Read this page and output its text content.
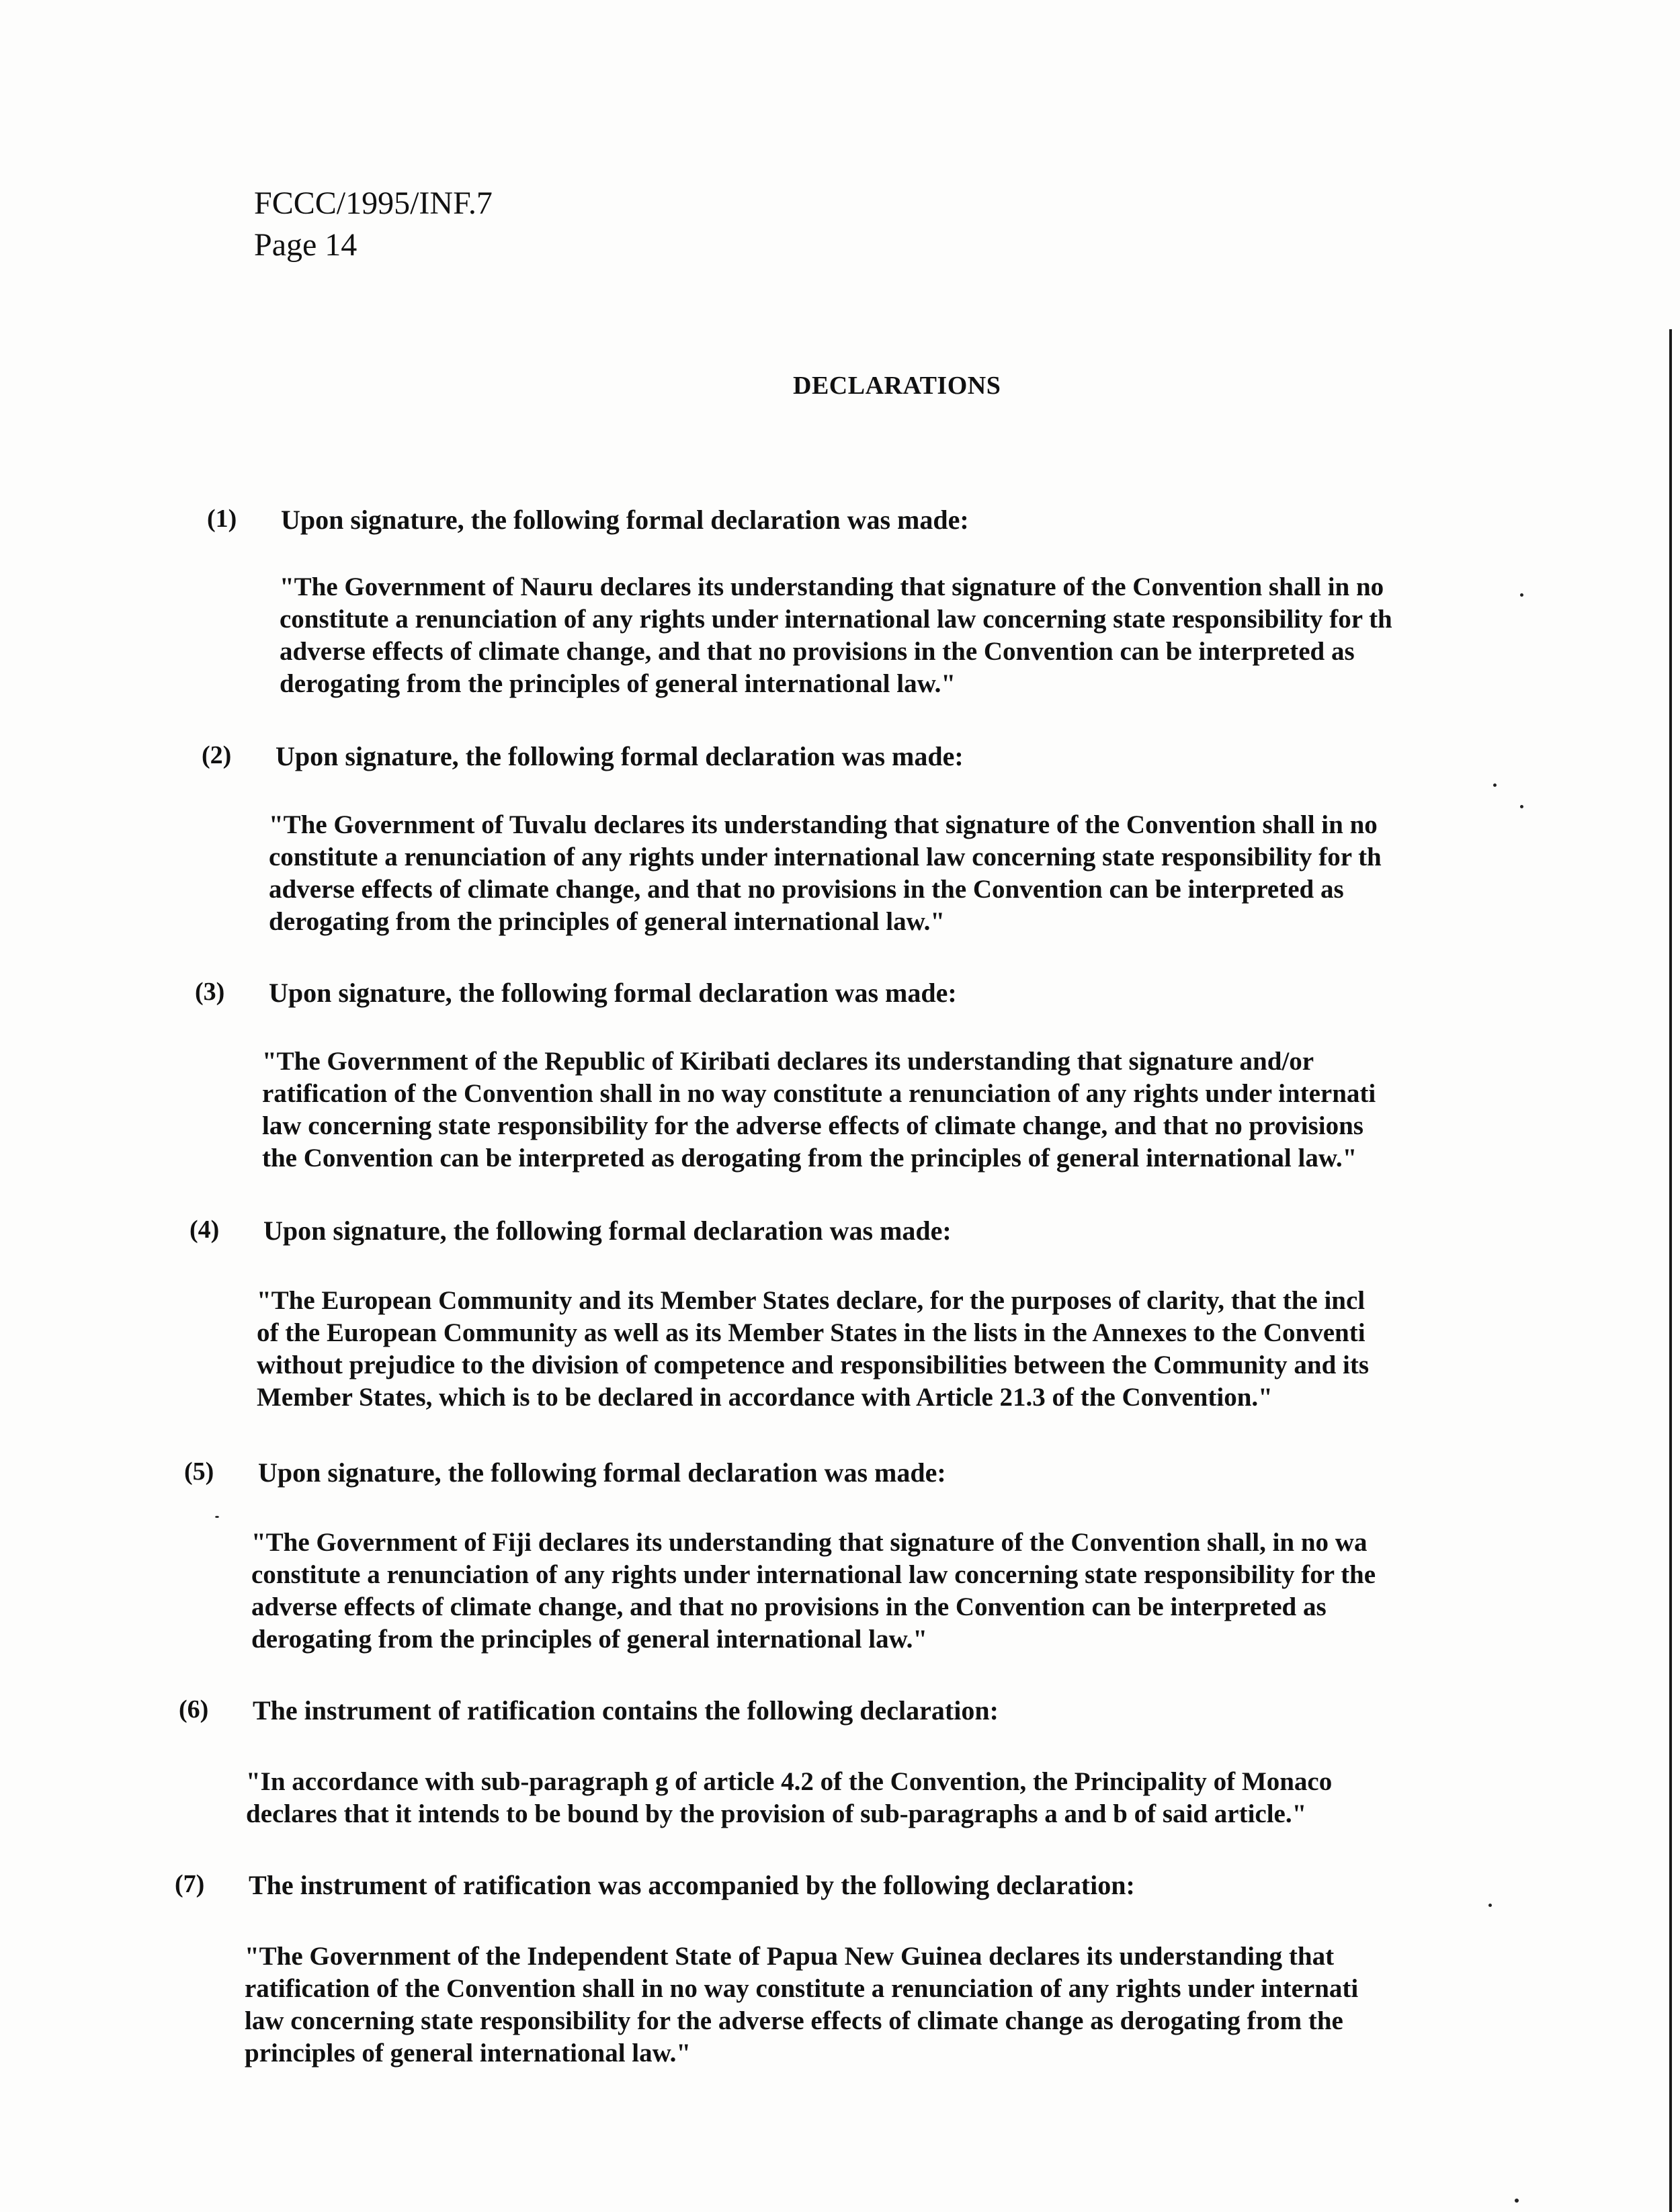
FCCC/1995/INF.7
Page 14
DECLARATIONS
(1) Upon signature, the following formal declaration was made:
"The Government of Nauru declares its understanding that signature of the Convention shall in no
constitute a renunciation of any rights under international law concerning state responsibility for th
adverse effects of climate change, and that no provisions in the Convention can be interpreted as
derogating from the principles of general international law."
(2) Upon signature, the following formal declaration was made:
"The Government of Tuvalu declares its understanding that signature of the Convention shall in no
constitute a renunciation of any rights under international law concerning state responsibility for th
adverse effects of climate change, and that no provisions in the Convention can be interpreted as
derogating from the principles of general international law."
(3) Upon signature, the following formal declaration was made:
"The Government of the Republic of Kiribati declares its understanding that signature and/or
ratification of the Convention shall in no way constitute a renunciation of any rights under internati
law concerning state responsibility for the adverse effects of climate change, and that no provisions
the Convention can be interpreted as derogating from the principles of general international law."
(4) Upon signature, the following formal declaration was made:
"The European Community and its Member States declare, for the purposes of clarity, that the incl
of the European Community as well as its Member States in the lists in the Annexes to the Conventi
without prejudice to the division of competence and responsibilities between the Community and its
Member States, which is to be declared in accordance with Article 21.3 of the Convention."
(5) Upon signature, the following formal declaration was made:
"The Government of Fiji declares its understanding that signature of the Convention shall, in no wa
constitute a renunciation of any rights under international law concerning state responsibility for the
adverse effects of climate change, and that no provisions in the Convention can be interpreted as
derogating from the principles of general international law."
(6) The instrument of ratification contains the following declaration:
"In accordance with sub-paragraph g of article 4.2 of the Convention, the Principality of Monaco
declares that it intends to be bound by the provision of sub-paragraphs a and b of said article."
(7) The instrument of ratification was accompanied by the following declaration:
"The Government of the Independent State of Papua New Guinea declares its understanding that
ratification of the Convention shall in no way constitute a renunciation of any rights under internati
law concerning state responsibility for the adverse effects of climate change as derogating from the
principles of general international law."
